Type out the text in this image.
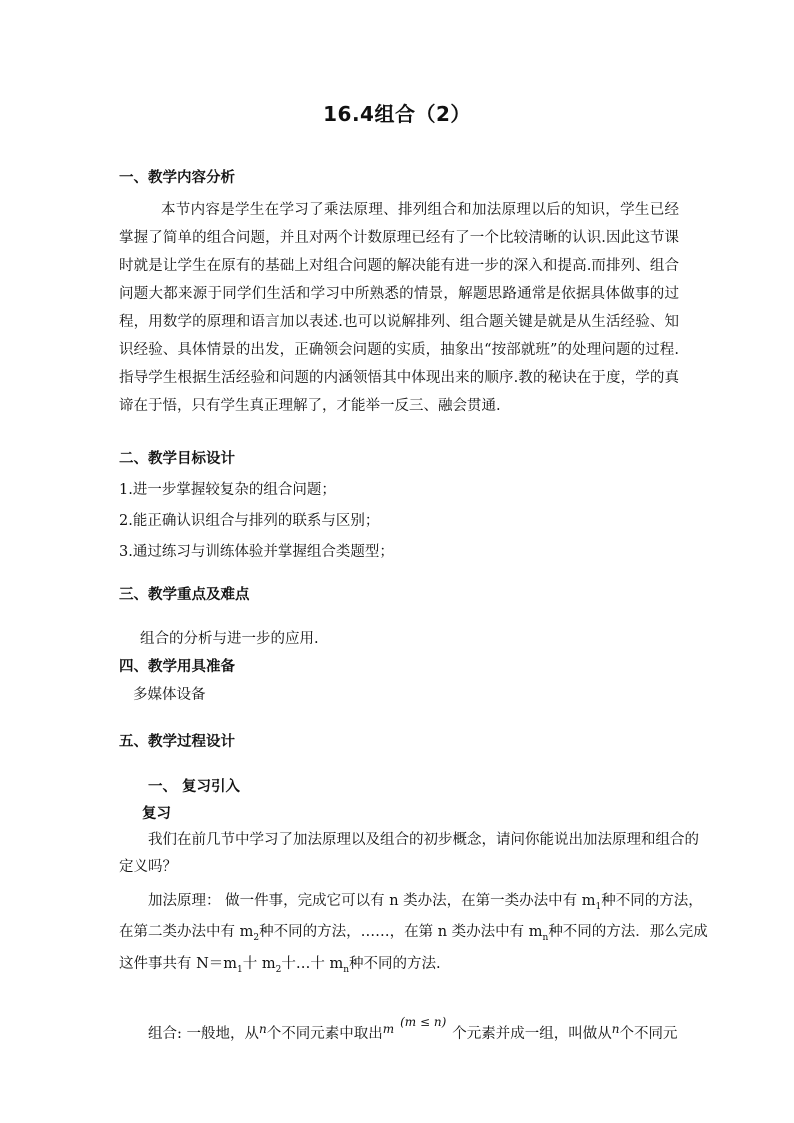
16.4组合（2）
一、教学内容分析

本节内容是学生在学习了乘法原理、排列组合和加法原理以后的知识，学生已经掌握了简单的组合问题，并且对两个计数原理已经有了一个比较清晰的认识.因此这节课时就是让学生在原有的基础上对组合问题的解决能有进一步的深入和提高.而排列、组合问题大都来源于同学们生活和学习中所熟悉的情景，解题思路通常是依据具体做事的过程，用数学的原理和语言加以表述.也可以说解排列、组合题关键是就是从生活经验、知识经验、具体情景的出发，正确领会问题的实质，抽象出“按部就班”的处理问题的过程.指导学生根据生活经验和问题的内涵领悟其中体现出来的顺序.教的秘诀在于度，学的真谛在于悟，只有学生真正理解了，才能举一反三、融会贯通.

二、教学目标设计
1.进一步掌握较复杂的组合问题；
2.能正确认识组合与排列的联系与区别；
3.通过练习与训练体验并掌握组合类题型；
三、教学重点及难点
组合的分析与进一步的应用.
四、教学用具准备
多媒体设备
五、教学过程设计
一、 复习引入
复习
我们在前几节中学习了加法原理以及组合的初步概念，请问你能说出加法原理和组合的
定义吗？
加法原理： 做一件事，完成它可以有 n 类办法，在第一类办法中有 $m_1$种不同的方法，
在第二类办法中有 $m_2$种不同的方法，……，在第 n 类办法中有 $m_n$种不同的方法．那么完成
这件事共有 $N=m_1$十 $m_2$十…十 $m_n$种不同的方法.
组合: 一般地，从$^n$个不同元素中取出$^m$ $^{(m \le n)}$个元素并成一组，叫做从$^n$个不同元
